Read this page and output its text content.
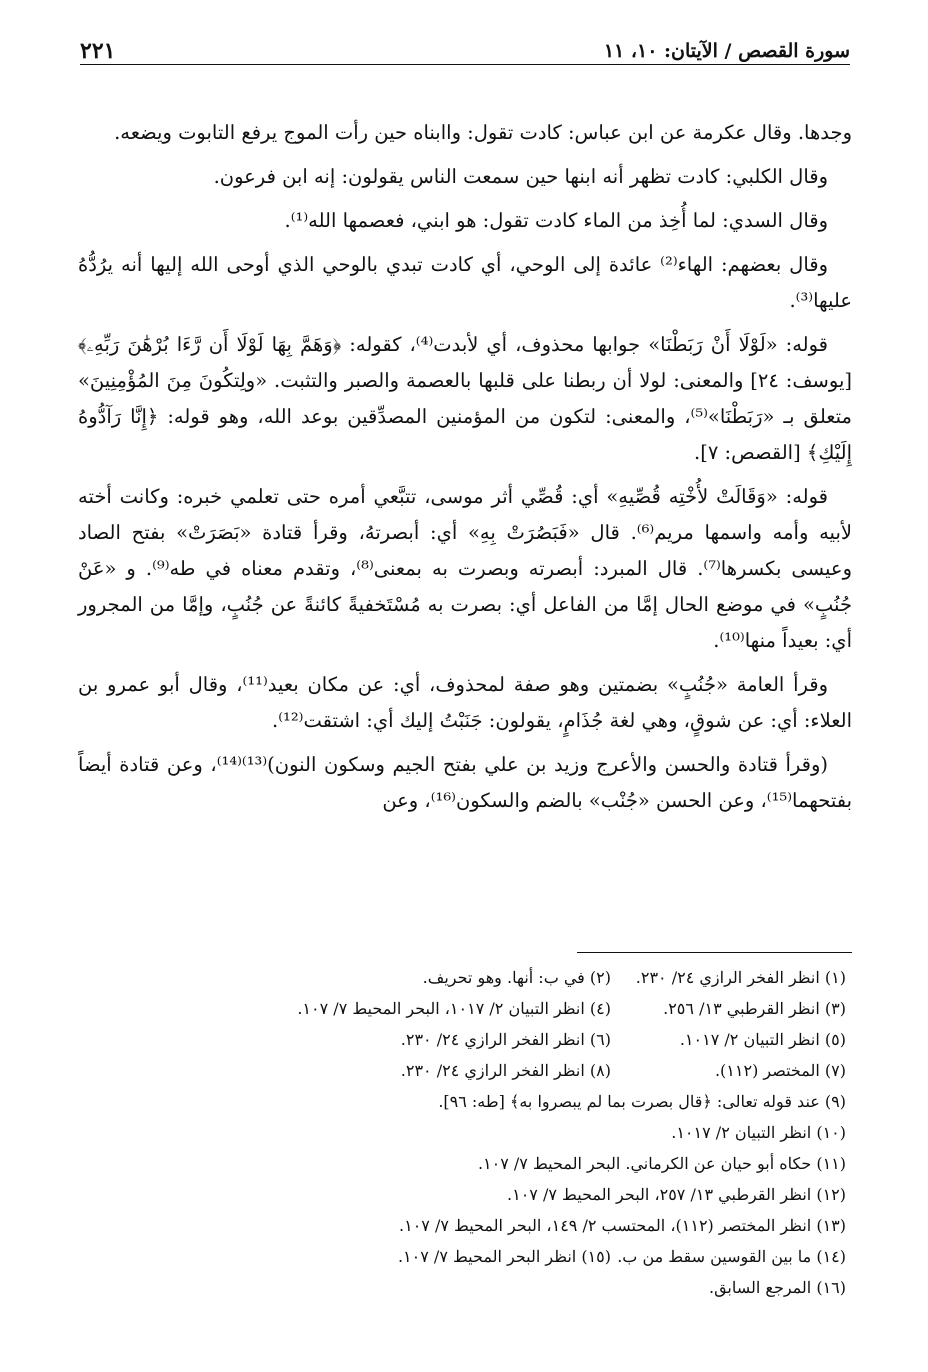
سورة القصص / الآيتان: ١٠، ١١
٢٢١

وجدها. وقال عكرمة عن ابن عباس: كادت تقول: واابناه حين رأت الموج يرفع التابوت ويضعه.

وقال الكلبي: كادت تظهر أنه ابنها حين سمعت الناس يقولون: إنه ابن فرعون.

وقال السدي: لما أُخِذ من الماء كادت تقول: هو ابني، فعصمها الله⁽¹⁾.

وقال بعضهم: الهاء⁽²⁾ عائدة إلى الوحي، أي كادت تبدي بالوحي الذي أوحى الله إليها أنه يرُدُّهُ عليها⁽³⁾.

قوله: «لَوْلَا أَنْ رَبَطْنَا» جوابها محذوف، أي لأبدت⁽⁴⁾، كقوله: ﴿وَهَمَّ بِهَا لَوْلَا أَن رَّءَا بُرْهَٰنَ رَبِّهِۦ﴾ [يوسف: ٢٤] والمعنى: لولا أن ربطنا على قلبها بالعصمة والصبر والتثبت. «ولِتكُونَ مِنَ المُؤْمِنِينَ» متعلق بـ «رَبَطْنَا»⁽⁵⁾، والمعنى: لتكون من المؤمنين المصدِّقين بوعد الله، وهو قوله: ﴿إِنَّا رَآدُّوهُ إِلَيْكِ﴾ [القصص: ٧].

قوله: «وَقَالَتْ لأُخْتِه قُصِّيهِ» أي: قُصِّي أثر موسى، تتبَّعي أمره حتى تعلمي خبره: وكانت أخته لأبيه وأمه واسمها مريم⁽⁶⁾. قال «فَبَصُرَتْ بِهِ» أي: أبصرتهُ، وقرأ قتادة «بَصَرَتْ» بفتح الصاد وعيسى بكسرها⁽⁷⁾. قال المبرد: أبصرته وبصرت به بمعنى⁽⁸⁾، وتقدم معناه في طه⁽⁹⁾. و «عَنْ جُنُبٍ» في موضع الحال إمَّا من الفاعل أي: بصرت به مُسْتَخفيةً كائنةً عن جُنُبٍ، وإمَّا من المجرور أي: بعيداً منها⁽¹⁰⁾.

وقرأ العامة «جُنُبٍ» بضمتين وهو صفة لمحذوف، أي: عن مكان بعيد⁽¹¹⁾، وقال أبو عمرو بن العلاء: أي: عن شوقٍ، وهي لغة جُذَامٍ، يقولون: جَنَبْتُ إليك أي: اشتقت⁽¹²⁾.

(وقرأ قتادة والحسن والأعرج وزيد بن علي بفتح الجيم وسكون النون)⁽¹³⁾⁽¹⁴⁾، وعن قتادة أيضاً بفتحهما⁽¹⁵⁾، وعن الحسن «جُنْب» بالضم والسكون⁽¹⁶⁾، وعن

(١) انظر الفخر الرازي ٢٤/ ٢٣٠.
(٢) في ب: أنها. وهو تحريف.
(٣) انظر القرطبي ١٣/ ٢٥٦.
(٤) انظر التبيان ٢/ ١٠١٧، البحر المحيط ٧/ ١٠٧.
(٥) انظر التبيان ٢/ ١٠١٧.
(٦) انظر الفخر الرازي ٢٤/ ٢٣٠.
(٧) المختصر (١١٢).
(٨) انظر الفخر الرازي ٢٤/ ٢٣٠.
(٩) عند قوله تعالى: ﴿قال بصرت بما لم يبصروا به﴾ [طه: ٩٦].
(١٠) انظر التبيان ٢/ ١٠١٧.
(١١) حكاه أبو حيان عن الكرماني. البحر المحيط ٧/ ١٠٧.
(١٢) انظر القرطبي ١٣/ ٢٥٧، البحر المحيط ٧/ ١٠٧.
(١٣) انظر المختصر (١١٢)، المحتسب ٢/ ١٤٩، البحر المحيط ٧/ ١٠٧.
(١٤) ما بين القوسين سقط من ب.
(١٥) انظر البحر المحيط ٧/ ١٠٧.
(١٦) المرجع السابق.
